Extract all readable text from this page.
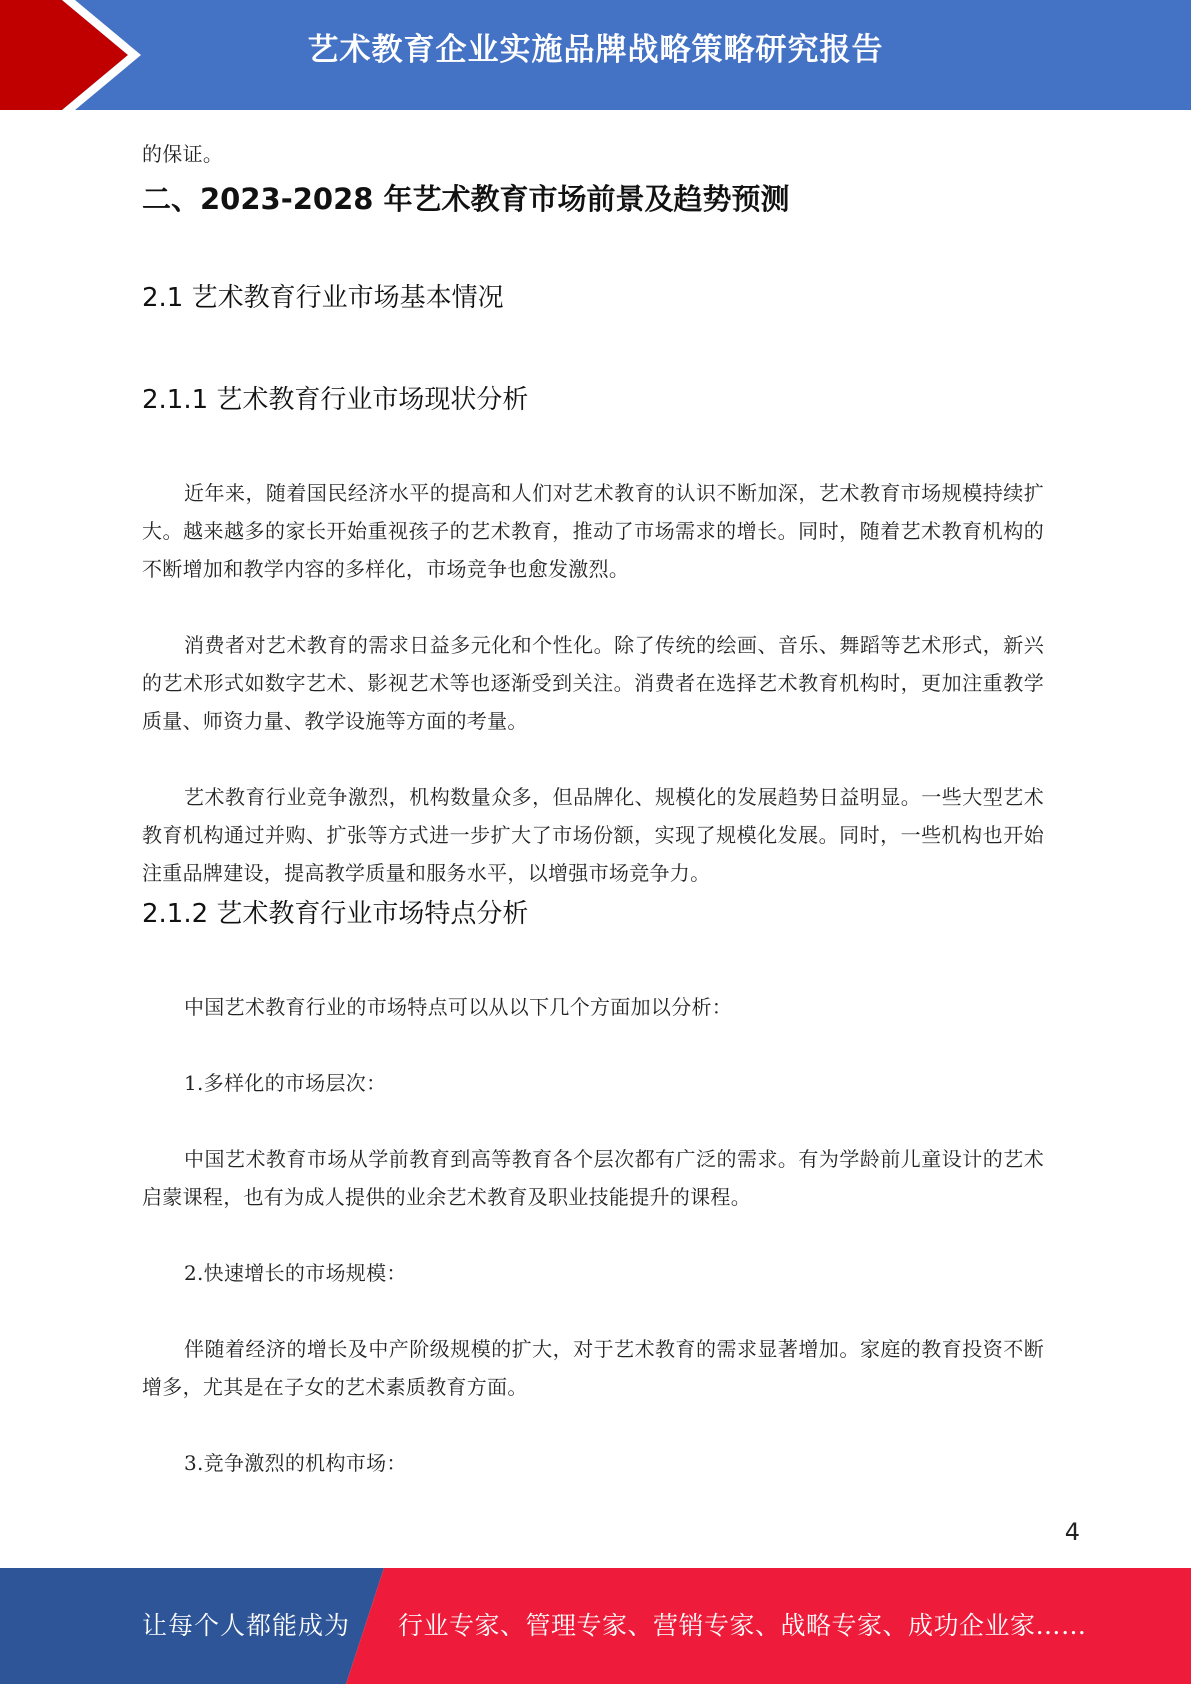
艺术教育企业实施品牌战略策略研究报告

的保证。

二、2023-2028 年艺术教育市场前景及趋势预测
2.1 艺术教育行业市场基本情况
2.1.1 艺术教育行业市场现状分析

近年来，随着国民经济水平的提高和人们对艺术教育的认识不断加深，艺术教育市场规模持续扩大。越来越多的家长开始重视孩子的艺术教育，推动了市场需求的增长。同时，随着艺术教育机构的不断增加和教学内容的多样化，市场竞争也愈发激烈。

消费者对艺术教育的需求日益多元化和个性化。除了传统的绘画、音乐、舞蹈等艺术形式，新兴的艺术形式如数字艺术、影视艺术等也逐渐受到关注。消费者在选择艺术教育机构时，更加注重教学质量、师资力量、教学设施等方面的考量。

艺术教育行业竞争激烈，机构数量众多，但品牌化、规模化的发展趋势日益明显。一些大型艺术教育机构通过并购、扩张等方式进一步扩大了市场份额，实现了规模化发展。同时，一些机构也开始注重品牌建设，提高教学质量和服务水平，以增强市场竞争力。

2.1.2 艺术教育行业市场特点分析

中国艺术教育行业的市场特点可以从以下几个方面加以分析：

1.多样化的市场层次：

中国艺术教育市场从学前教育到高等教育各个层次都有广泛的需求。有为学龄前儿童设计的艺术启蒙课程，也有为成人提供的业余艺术教育及职业技能提升的课程。

2.快速增长的市场规模：

伴随着经济的增长及中产阶级规模的扩大，对于艺术教育的需求显著增加。家庭的教育投资不断增多，尤其是在子女的艺术素质教育方面。

3.竞争激烈的机构市场：

4
让每个人都能成为 行业专家、管理专家、营销专家、战略专家、成功企业家……
